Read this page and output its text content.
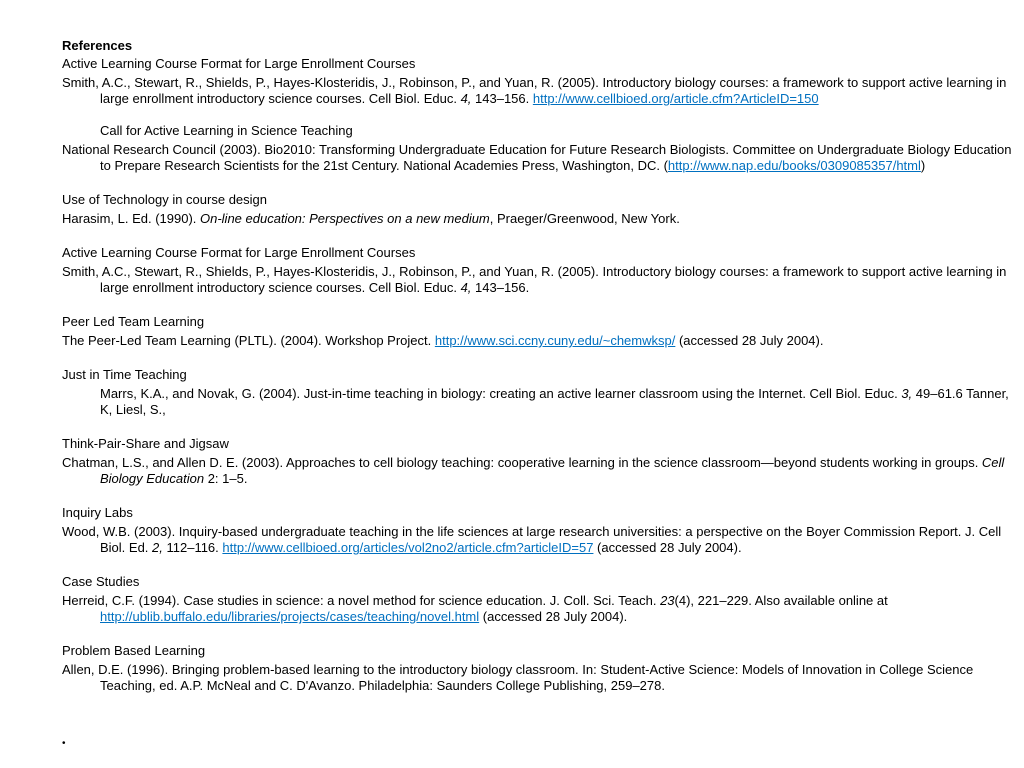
References
Active Learning Course Format for Large Enrollment Courses
Smith, A.C., Stewart, R., Shields, P., Hayes-Klosteridis, J., Robinson, P., and Yuan, R. (2005). Introductory biology courses: a framework to support active learning in large enrollment introductory science courses. Cell Biol. Educ. 4, 143–156. http://www.cellbioed.org/article.cfm?ArticleID=150
Call for Active Learning in Science Teaching
National Research Council (2003). Bio2010: Transforming Undergraduate Education for Future Research Biologists. Committee on Undergraduate Biology Education to Prepare Research Scientists for the 21st Century. National Academies Press, Washington, DC. (http://www.nap.edu/books/0309085357/html)
Use of Technology in course design
Harasim, L. Ed. (1990). On-line education: Perspectives on a new medium, Praeger/Greenwood, New York.
Active Learning Course Format for Large Enrollment Courses
Smith, A.C., Stewart, R., Shields, P., Hayes-Klosteridis, J., Robinson, P., and Yuan, R. (2005). Introductory biology courses: a framework to support active learning in large enrollment introductory science courses. Cell Biol. Educ. 4, 143–156.
Peer Led Team Learning
The Peer-Led Team Learning (PLTL). (2004). Workshop Project. http://www.sci.ccny.cuny.edu/~chemwksp/ (accessed 28 July 2004).
Just in Time Teaching
Marrs, K.A., and Novak, G. (2004). Just-in-time teaching in biology: creating an active learner classroom using the Internet. Cell Biol. Educ. 3, 49–61.6 Tanner, K, Liesl, S.,
Think-Pair-Share and Jigsaw
Chatman, L.S., and Allen D. E. (2003). Approaches to cell biology teaching: cooperative learning in the science classroom—beyond students working in groups. Cell Biology Education 2: 1–5.
Inquiry Labs
Wood, W.B. (2003). Inquiry-based undergraduate teaching in the life sciences at large research universities: a perspective on the Boyer Commission Report. J. Cell Biol. Ed. 2, 112–116. http://www.cellbioed.org/articles/vol2no2/article.cfm?articleID=57 (accessed 28 July 2004).
Case Studies
Herreid, C.F. (1994). Case studies in science: a novel method for science education. J. Coll. Sci. Teach. 23(4), 221–229. Also available online at http://ublib.buffalo.edu/libraries/projects/cases/teaching/novel.html (accessed 28 July 2004).
Problem Based Learning
Allen, D.E. (1996). Bringing problem-based learning to the introductory biology classroom. In: Student-Active Science: Models of Innovation in College Science Teaching, ed. A.P. McNeal and C. D'Avanzo. Philadelphia: Saunders College Publishing, 259–278.
•
